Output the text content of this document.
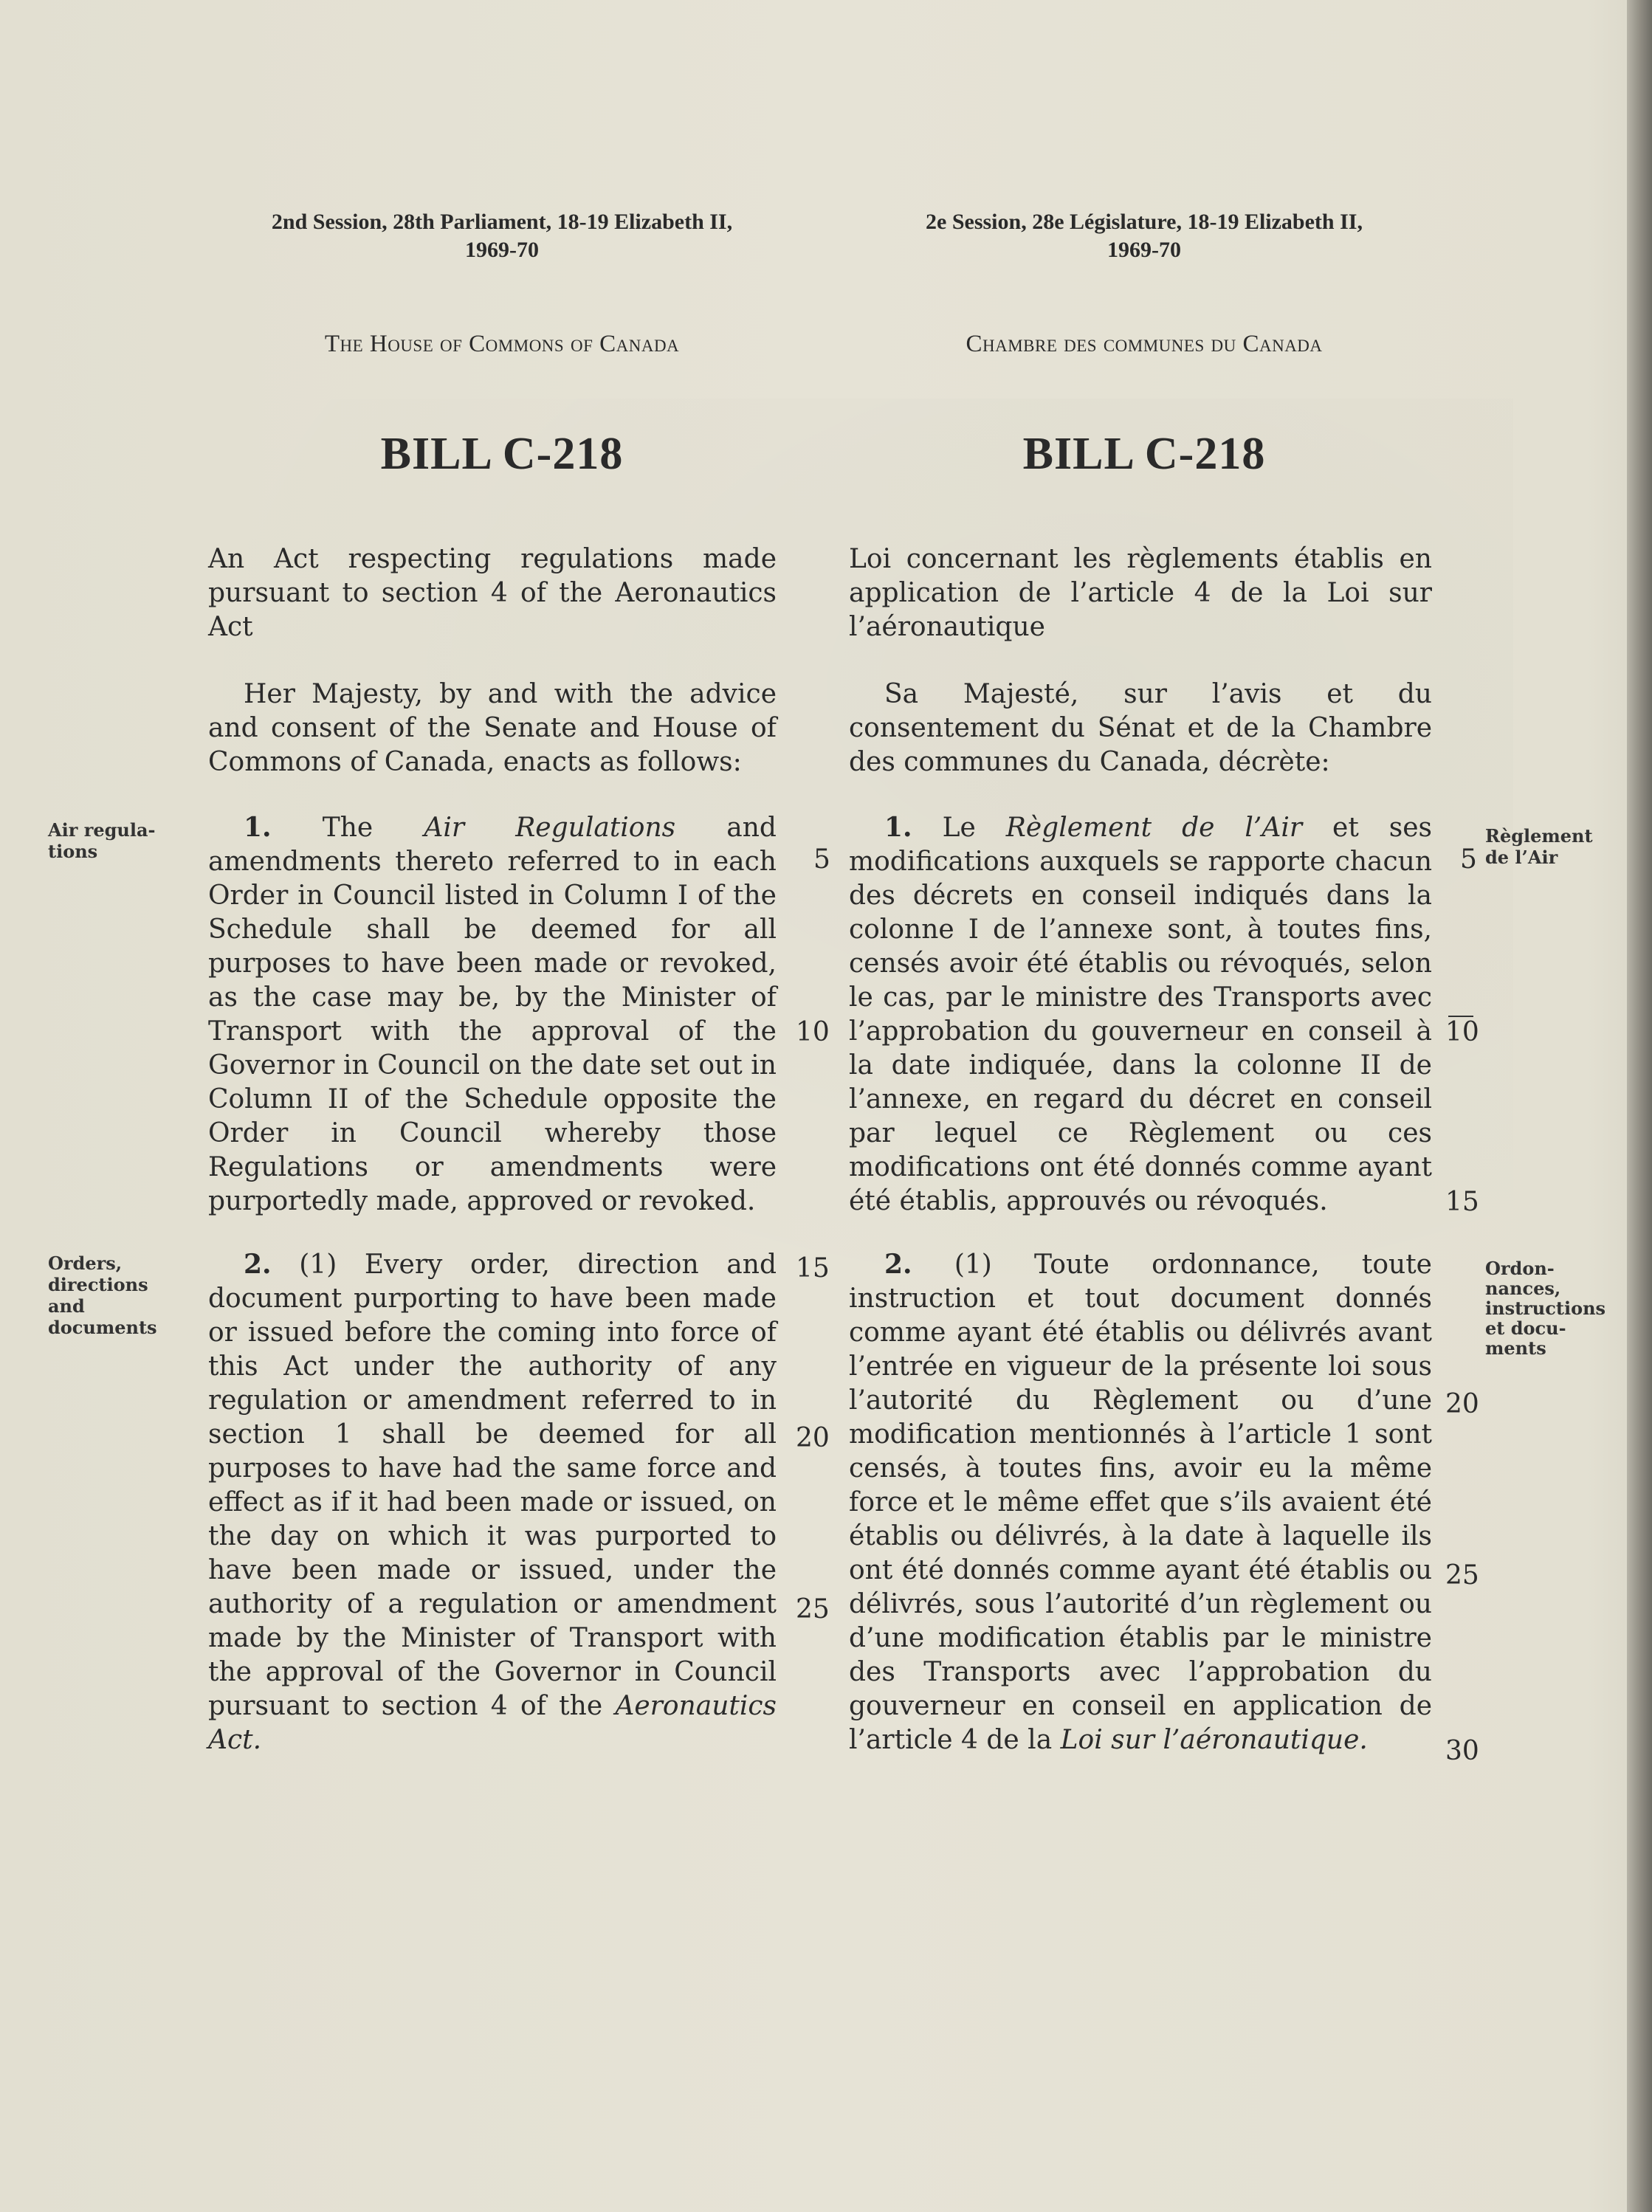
2nd Session, 28th Parliament, 18-19 Elizabeth II,
1969-70
The House of Commons of Canada
BILL C-218
2e Session, 28e Législature, 18-19 Elizabeth II,
1969-70
Chambre des communes du Canada
BILL C-218

An Act respecting regulations made pursuant to section 4 of the Aeronautics Act

Loi concernant les règlements établis en application de l’article 4 de la Loi sur l’aéronautique

Her Majesty, by and with the advice and consent of the Senate and House of Commons of Canada, enacts as follows:

Sa Majesté, sur l’avis et du consentement du Sénat et de la Chambre des communes du Canada, décrète:

1. The Air Regulations and amendments thereto referred to in each Order in Council listed in Column I of the Schedule shall be deemed for all purposes to have been made or revoked, as the case may be, by the Minister of Transport with the approval of the Governor in Council on the date set out in Column II of the Schedule opposite the Order in Council whereby those Regulations or amendments were purportedly made, approved or revoked.

1. Le Règlement de l’Air et ses modifications auxquels se rapporte chacun des décrets en conseil indiqués dans la colonne I de l’annexe sont, à toutes fins, censés avoir été établis ou révoqués, selon le cas, par le ministre des Transports avec l’approbation du gouverneur en conseil à la date indiquée, dans la colonne II de l’annexe, en regard du décret en conseil par lequel ce Règlement ou ces modifications ont été donnés comme ayant été établis, approuvés ou révoqués.

2. (1) Every order, direction and document purporting to have been made or issued before the coming into force of this Act under the authority of any regulation or amendment referred to in section 1 shall be deemed for all purposes to have had the same force and effect as if it had been made or issued, on the day on which it was purported to have been made or issued, under the authority of a regulation or amendment made by the Minister of Transport with the approval of the Governor in Council pursuant to section 4 of the Aeronautics Act.

2. (1) Toute ordonnance, toute instruction et tout document donnés comme ayant été établis ou délivrés avant l’entrée en vigueur de la présente loi sous l’autorité du Règlement ou d’une modification mentionnés à l’article 1 sont censés, à toutes fins, avoir eu la même force et le même effet que s’ils avaient été établis ou délivrés, à la date à laquelle ils ont été donnés comme ayant été établis ou délivrés, sous l’autorité d’un règlement ou d’une modification établis par le ministre des Transports avec l’approbation du gouverneur en conseil en application de l’article 4 de la Loi sur l’aéronautique.

Air regula-
tions
Orders,
directions
and
documents
Règlement
de l’Air
Ordon-
nances,
instructions
et docu-
ments
5
10
15
20
25
5
10
15
20
25
30
